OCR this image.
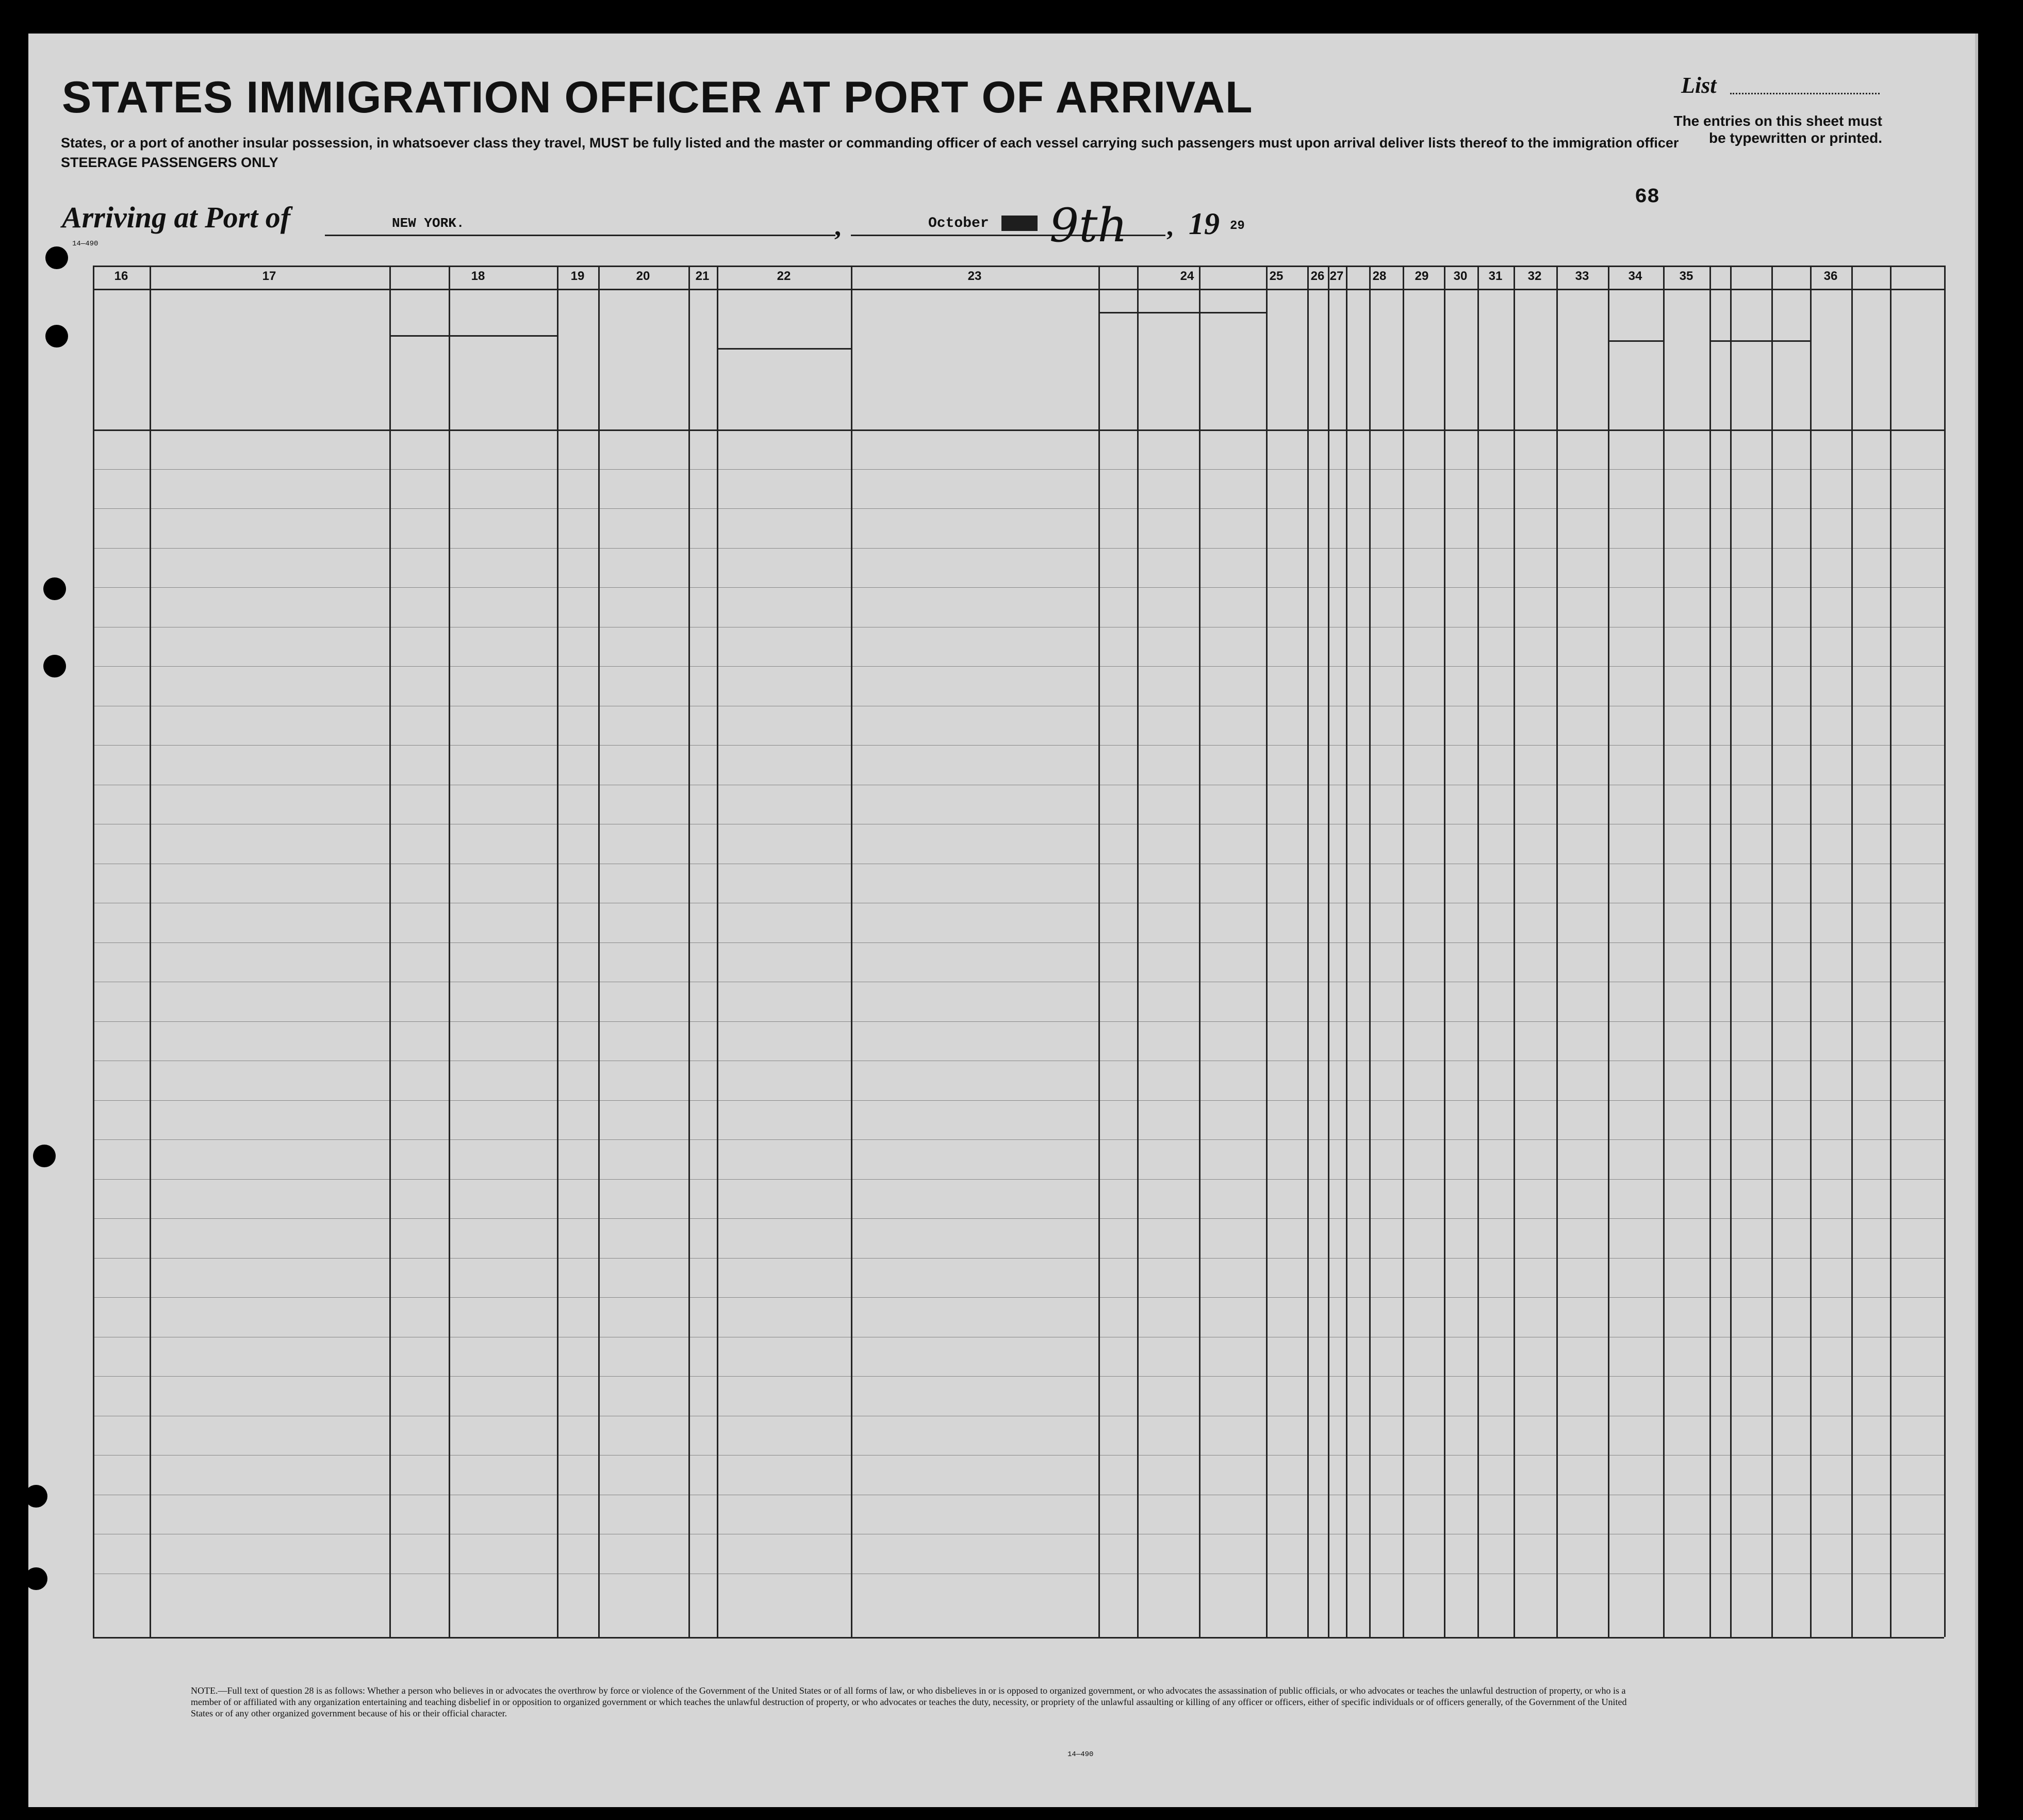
STATES IMMIGRATION OFFICER AT PORT OF ARRIVAL
States, or a port of another insular possession, in whatsoever class they travel, MUST be fully listed and the master or commanding officer of each vessel carrying such passengers must upon arrival deliver lists thereof to the immigration officer
STEERAGE PASSENGERS ONLY
List
The entries on this sheet must be typewritten or printed.
68
Arriving at Port of	NEW YORK.	,	October 9th , 19 29
14—490
16	17	18	19	20	21	22	23	24	25	26 27	28	29	30	31	32	33	34	35	36
NOTE.—Full text of question 28 is as follows: Whether a person who believes in or advocates the overthrow by force or violence of the Government of the United States or of all forms of law, or who disbelieves in or is opposed to organized government, or who advocates the assassination of public officials, or who advocates or teaches the unlawful destruction of property, or who is a member of or affiliated with any organization entertaining and teaching disbelief in or opposition to organized government or which teaches the unlawful destruction of property, or who advocates or teaches the duty, necessity, or propriety of the unlawful assaulting or killing of any officer or officers, either of specific individuals or of officers generally, of the Government of the United States or of any other organized government because of his or their official character.
14—490
